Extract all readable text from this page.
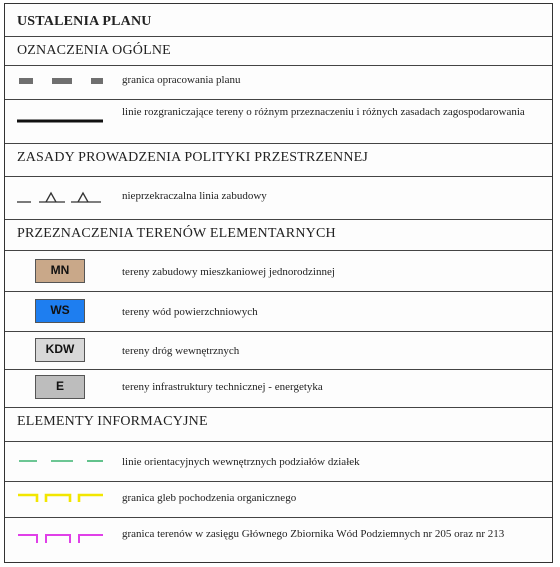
USTALENIA PLANU
OZNACZENIA OGÓLNE
granica opracowania planu
linie rozgraniczające tereny o różnym przeznaczeniu i różnych zasadach zagospodarowania
ZASADY PROWADZENIA POLITYKI PRZESTRZENNEJ
nieprzekraczalna linia zabudowy
PRZEZNACZENIA TERENÓW ELEMENTARNYCH
MN	tereny zabudowy mieszkaniowej jednorodzinnej
WS	tereny wód powierzchniowych
KDW	tereny dróg wewnętrznych
E	tereny infrastruktury technicznej - energetyka
ELEMENTY INFORMACYJNE
linie orientacyjnych wewnętrznych podziałów działek
granica gleb pochodzenia organicznego
granica terenów w zasięgu Głównego Zbiornika Wód Podziemnych nr 205 oraz nr 213
